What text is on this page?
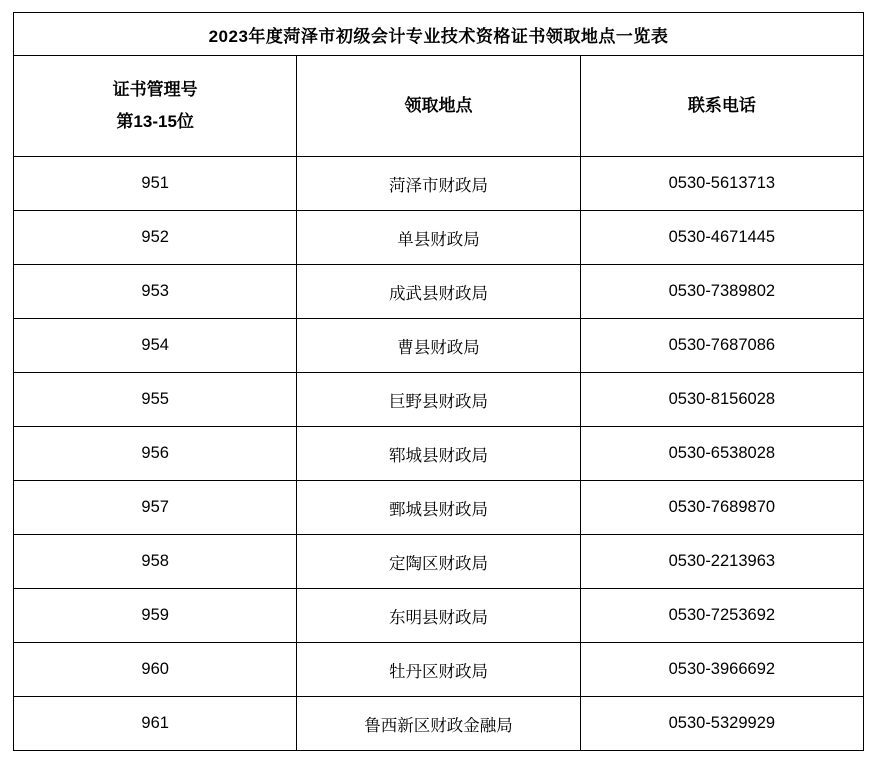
2023年度菏泽市初级会计专业技术资格证书领取地点一览表		

证书管理号
第13-15位	领取地点	联系电话

951	菏泽市财政局	0530-5613713
952	单县财政局	0530-4671445
953	成武县财政局	0530-7389802
954	曹县财政局	0530-7687086
955	巨野县财政局	0530-8156028
956	郓城县财政局	0530-6538028
957	鄄城县财政局	0530-7689870
958	定陶区财政局	0530-2213963
959	东明县财政局	0530-7253692
960	牡丹区财政局	0530-3966692
961	鲁西新区财政金融局	0530-5329929
